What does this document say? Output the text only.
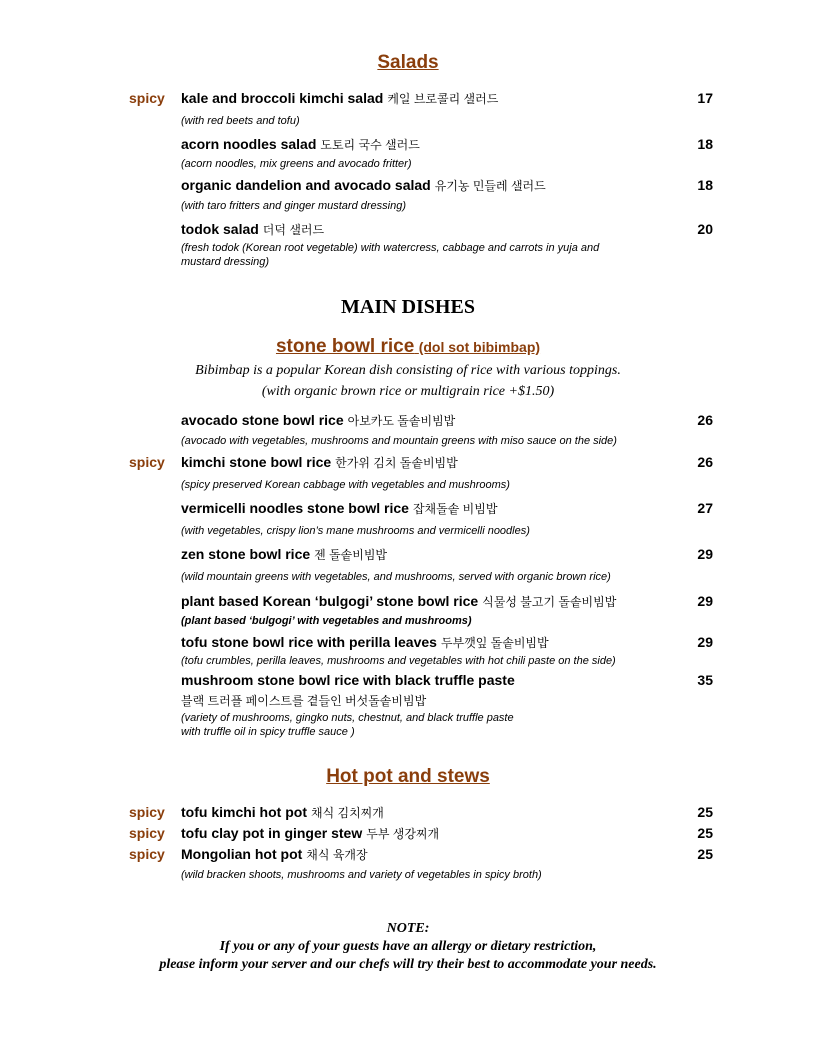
Salads
spicy kale and broccoli kimchi salad 케일 브로콜리 샐러드	17
(with red beets and tofu)
acorn noodles salad 도토리 국수 샐러드	18
(acorn noodles, mix greens and avocado fritter)
organic dandelion and avocado salad 유기농 민들레 샐러드	18
(with taro fritters and ginger mustard dressing)
todok salad 더덕 샐러드	20
(fresh todok (Korean root vegetable) with watercress, cabbage and carrots in yuja and
mustard dressing)
MAIN DISHES
stone bowl rice (dol sot bibimbap)
Bibimbap is a popular Korean dish consisting of rice with various toppings.
(with organic brown rice or multigrain rice +$1.50)
avocado stone bowl rice 아보카도 돌솥비빔밥	26
(avocado with vegetables, mushrooms and mountain greens with miso sauce on the side)
spicy kimchi stone bowl rice 한가위 김치 돌솥비빔밥	26
(spicy preserved Korean cabbage with vegetables and mushrooms)
vermicelli noodles stone bowl rice 잡채돌솥 비빔밥	27
(with vegetables, crispy lion’s mane mushrooms and vermicelli noodles)
zen stone bowl rice 젠 돌솥비빔밥	29
(wild mountain greens with vegetables, and mushrooms, served with organic brown rice)
plant based Korean ‘bulgogi’ stone bowl rice 식물성 불고기 돌솥비빔밥	29
(plant based ‘bulgogi’ with vegetables and mushrooms)
tofu stone bowl rice with perilla leaves 두부깻잎 돌솥비빔밥	29
(tofu crumbles, perilla leaves, mushrooms and vegetables with hot chili paste on the side)
mushroom stone bowl rice with black truffle paste	35
블랙 트러플 페이스트를 곁들인 버섯돌솥비빔밥
(variety of mushrooms, gingko nuts, chestnut, and black truffle paste
with truffle oil in spicy truffle sauce )
Hot pot and stews
spicy tofu kimchi hot pot 채식 김치찌개	25
spicy tofu clay pot in ginger stew 두부 생강찌개	25
spicy Mongolian hot pot 채식 육개장	25
(wild bracken shoots, mushrooms and variety of vegetables in spicy broth)
NOTE:
If you or any of your guests have an allergy or dietary restriction,
please inform your server and our chefs will try their best to accommodate your needs.
